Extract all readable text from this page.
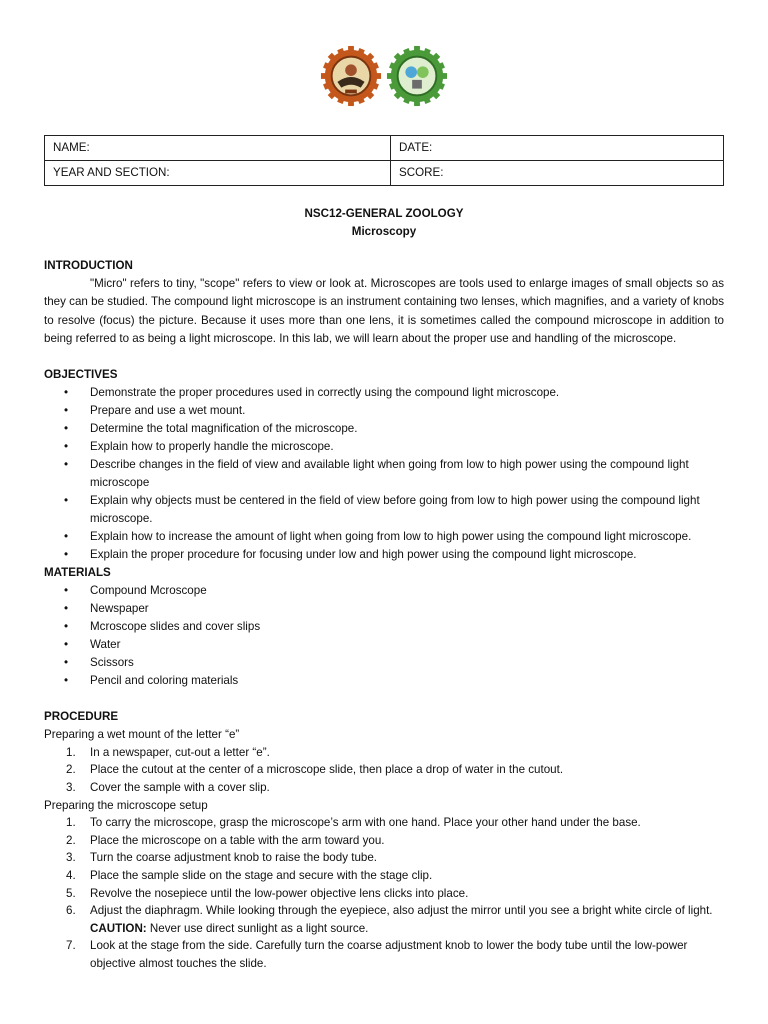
NAME:	DATE:
YEAR AND SECTION:	SCORE:
NSC12-GENERAL ZOOLOGY
Microscopy
INTRODUCTION

"Micro" refers to tiny, "scope" refers to view or look at. Microscopes are tools used to enlarge images of small objects so as they can be studied. The compound light microscope is an instrument containing two lenses, which magnifies, and a variety of knobs to resolve (focus) the picture. Because it uses more than one lens, it is sometimes called the compound microscope in addition to being referred to as being a light microscope. In this lab, we will learn about the proper use and handling of the microscope.

OBJECTIVES
• Demonstrate the proper procedures used in correctly using the compound light microscope.
• Prepare and use a wet mount.
• Determine the total magnification of the microscope.
• Explain how to properly handle the microscope.
• Describe changes in the field of view and available light when going from low to high power using the compound light microscope
• Explain why objects must be centered in the field of view before going from low to high power using the compound light microscope.
• Explain how to increase the amount of light when going from low to high power using the compound light microscope.
• Explain the proper procedure for focusing under low and high power using the compound light microscope.
MATERIALS
• Compound Mcroscope
• Newspaper
• Mcroscope slides and cover slips
• Water
• Scissors
• Pencil and coloring materials
PROCEDURE
Preparing a wet mount of the letter “e”
1. In a newspaper, cut-out a letter “e”.
2. Place the cutout at the center of a microscope slide, then place a drop of water in the cutout.
3. Cover the sample with a cover slip.
Preparing the microscope setup
1. To carry the microscope, grasp the microscope’s arm with one hand. Place your other hand under the base.
2. Place the microscope on a table with the arm toward you.
3. Turn the coarse adjustment knob to raise the body tube.
4. Place the sample slide on the stage and secure with the stage clip.
5. Revolve the nosepiece until the low-power objective lens clicks into place.
6. Adjust the diaphragm. While looking through the eyepiece, also adjust the mirror until you see a bright white circle of light.
CAUTION: Never use direct sunlight as a light source.
7. Look at the stage from the side. Carefully turn the coarse adjustment knob to lower the body tube until the low-power objective almost touches the slide.
